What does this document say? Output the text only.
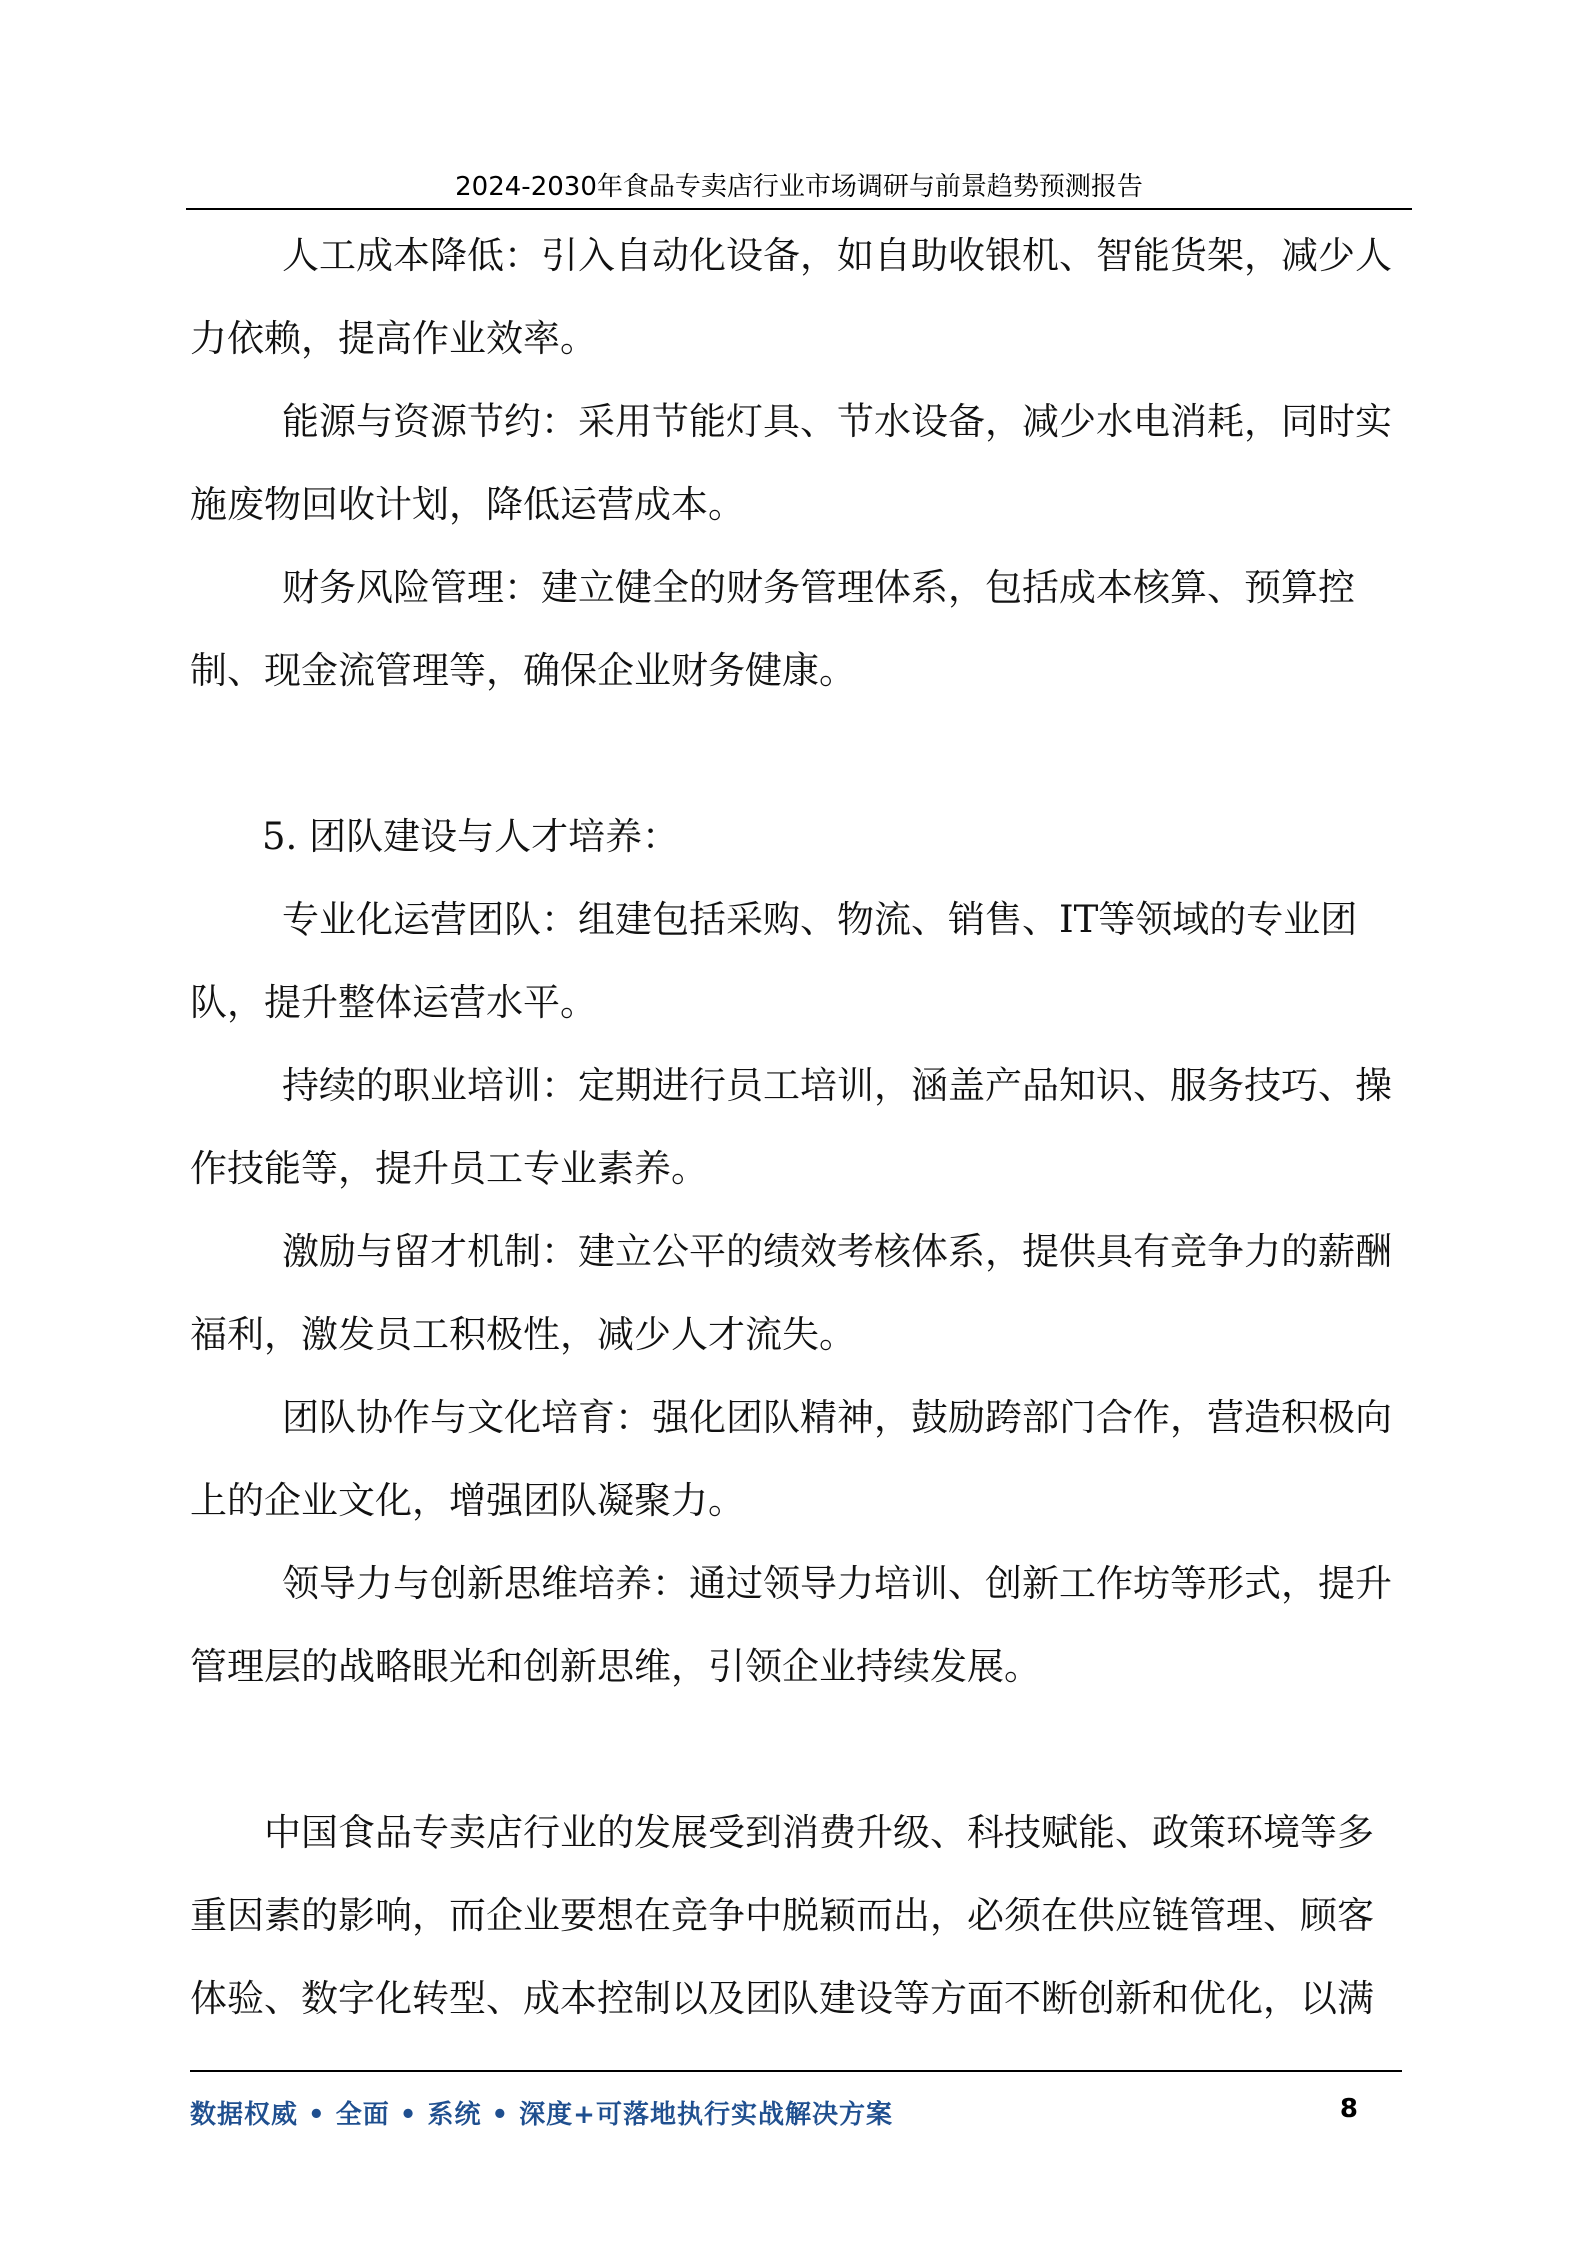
2024-2030年食品专卖店行业市场调研与前景趋势预测报告

人工成本降低：引入自动化设备，如自助收银机、智能货架，减少人力依赖，提高作业效率。

能源与资源节约：采用节能灯具、节水设备，减少水电消耗，同时实施废物回收计划，降低运营成本。

财务风险管理：建立健全的财务管理体系，包括成本核算、预算控制、现金流管理等，确保企业财务健康。

5. 团队建设与人才培养：

专业化运营团队：组建包括采购、物流、销售、IT等领域的专业团队，提升整体运营水平。

持续的职业培训：定期进行员工培训，涵盖产品知识、服务技巧、操作技能等，提升员工专业素养。

激励与留才机制：建立公平的绩效考核体系，提供具有竞争力的薪酬福利，激发员工积极性，减少人才流失。

团队协作与文化培育：强化团队精神，鼓励跨部门合作，营造积极向上的企业文化，增强团队凝聚力。

领导力与创新思维培养：通过领导力培训、创新工作坊等形式，提升管理层的战略眼光和创新思维，引领企业持续发展。

中国食品专卖店行业的发展受到消费升级、科技赋能、政策环境等多重因素的影响，而企业要想在竞争中脱颖而出，必须在供应链管理、顾客体验、数字化转型、成本控制以及团队建设等方面不断创新和优化，以满

数据权威 • 全面 • 系统 • 深度+可落地执行实战解决方案	8
